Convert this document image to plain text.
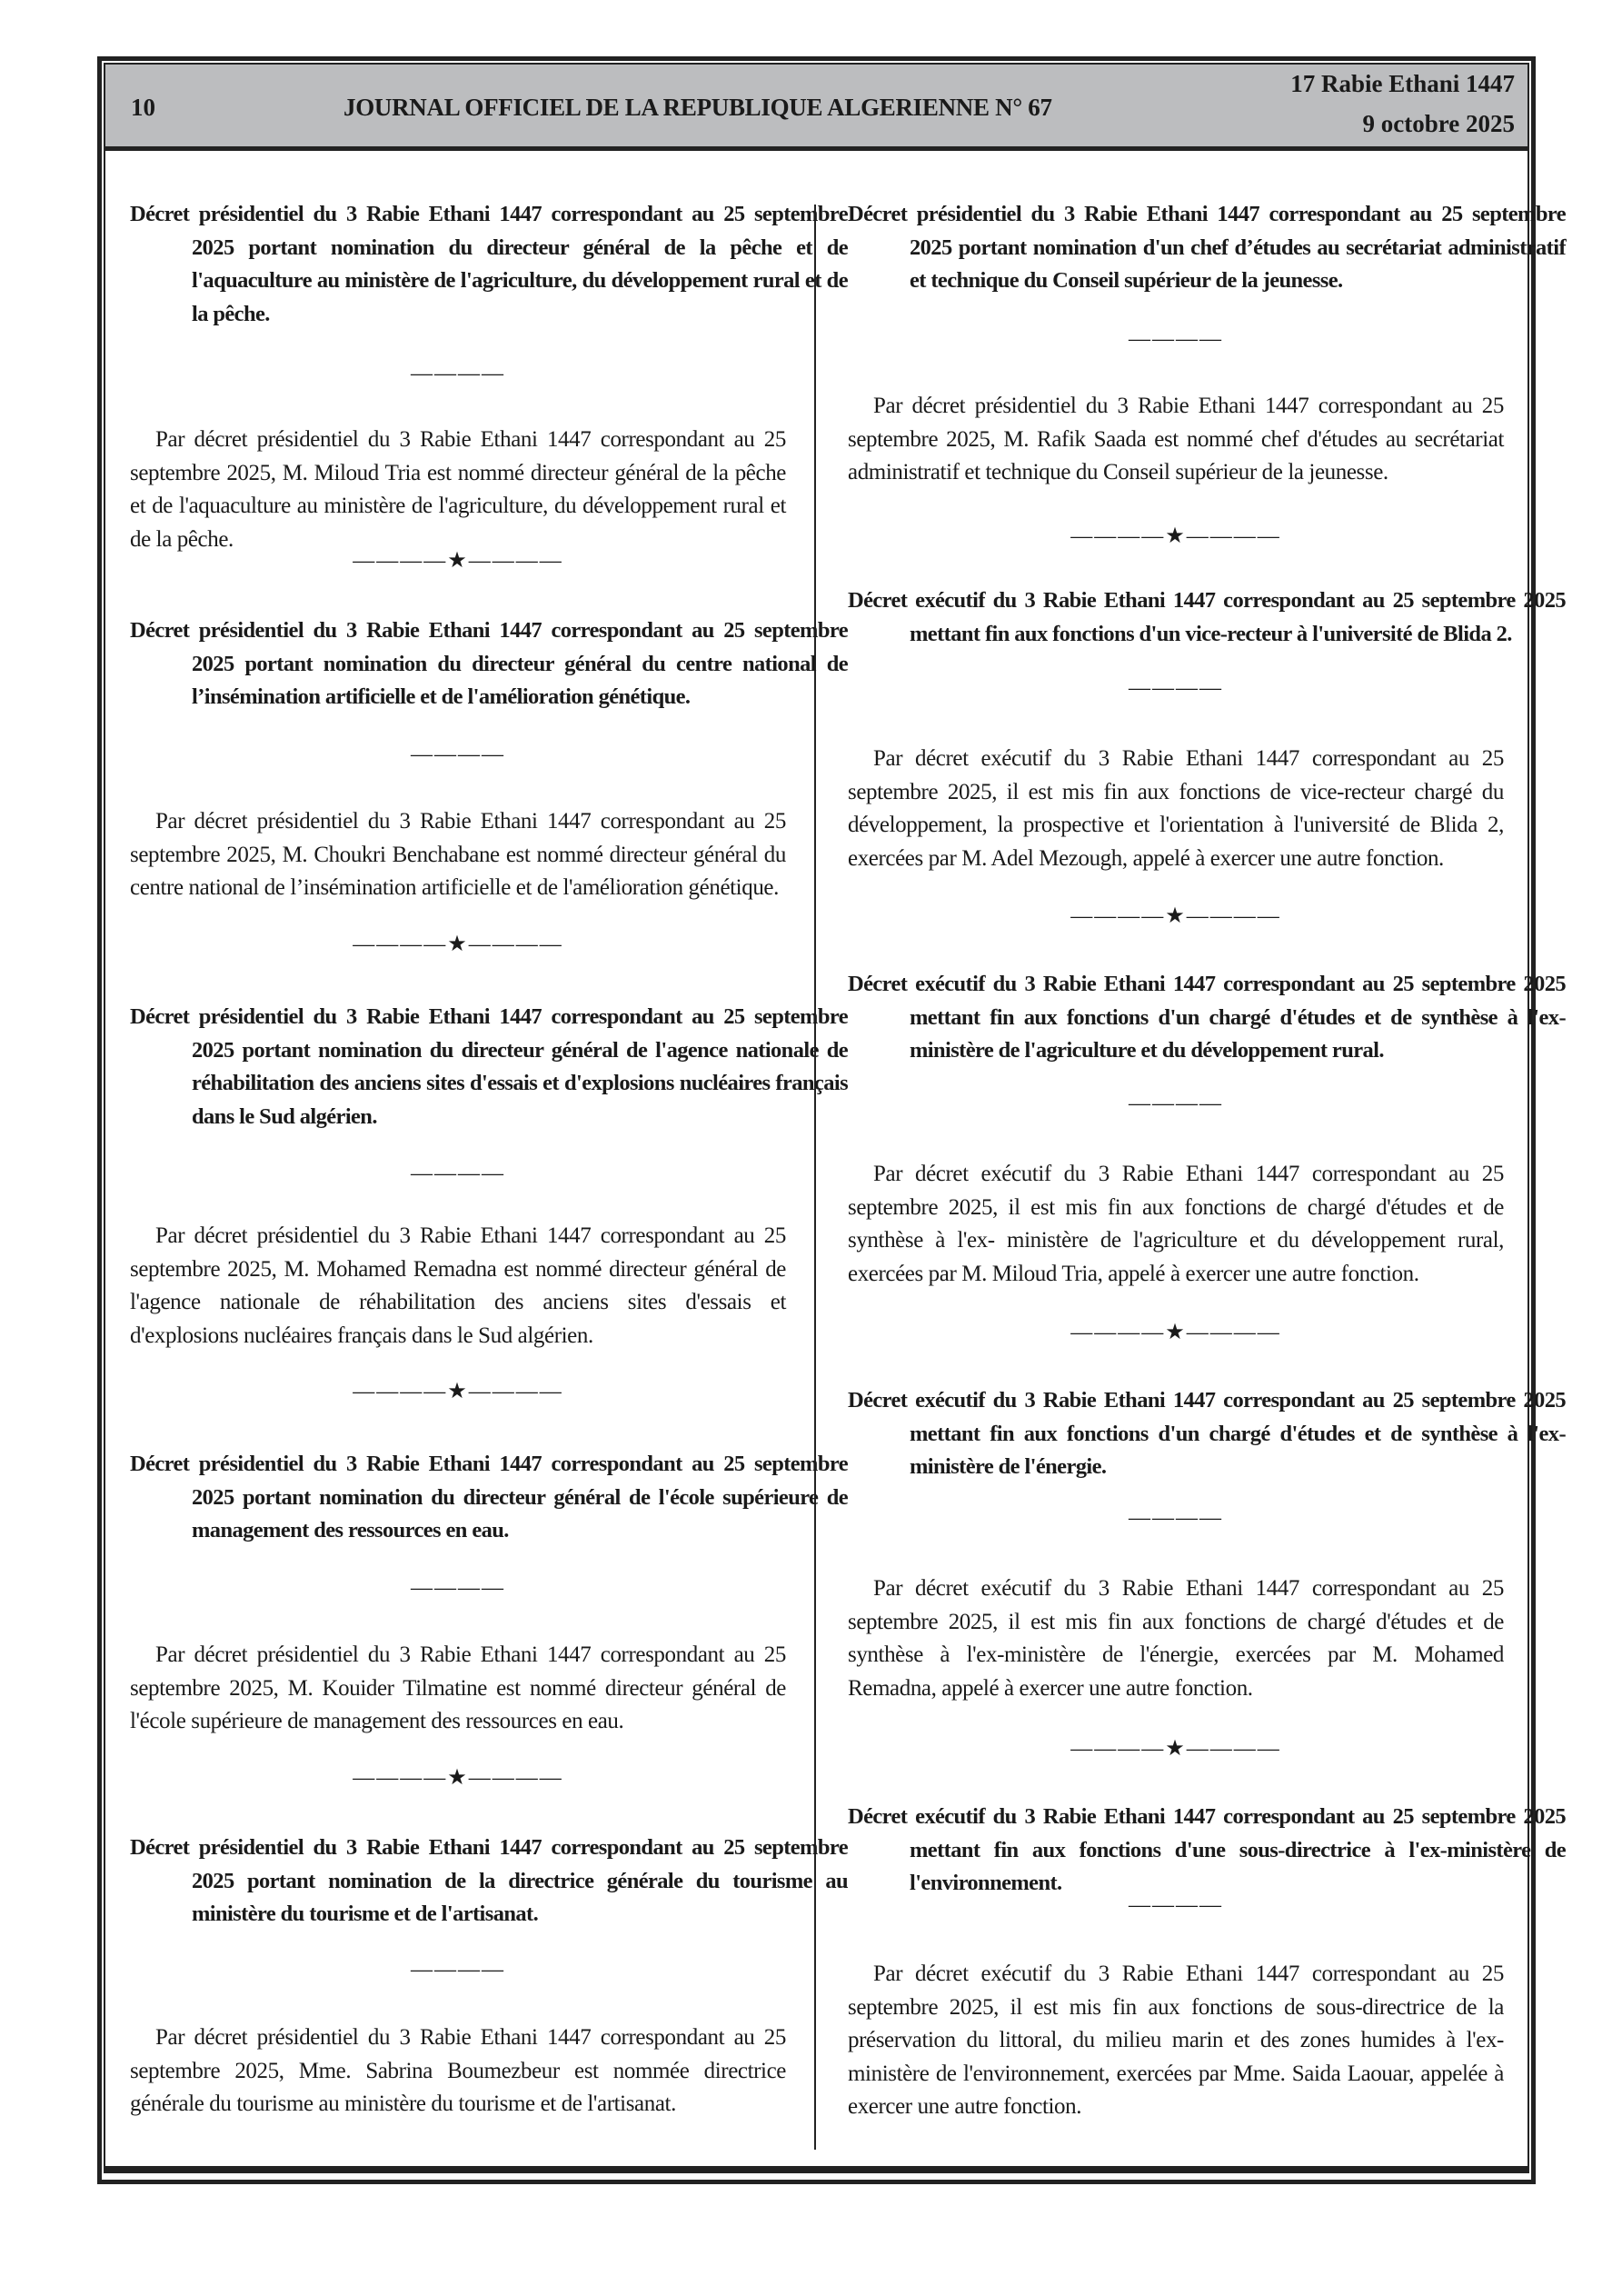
10	JOURNAL OFFICIEL DE LA REPUBLIQUE ALGERIENNE N° 67
17 Rabie Ethani 1447
9 octobre 2025
Décret présidentiel du 3 Rabie Ethani 1447 correspondant au 25 septembre 2025 portant nomination du directeur général de la pêche et de l'aquaculture au ministère de l'agriculture, du développement rural et de la pêche.
————
Par décret présidentiel du 3 Rabie Ethani 1447 correspondant au 25 septembre 2025, M. Miloud Tria est nommé directeur général de la pêche et de l'aquaculture au ministère de l'agriculture, du développement rural et de la pêche.
————★————
Décret présidentiel du 3 Rabie Ethani 1447 correspondant au 25 septembre 2025 portant nomination du directeur général du centre national de l’insémination artificielle et de l'amélioration génétique.
————
Par décret présidentiel du 3 Rabie Ethani 1447 correspondant au 25 septembre 2025, M. Choukri Benchabane est nommé directeur général du centre national de l’insémination artificielle et de l'amélioration génétique.
————★————
Décret présidentiel du 3 Rabie Ethani 1447 correspondant au 25 septembre 2025 portant nomination du directeur général de l'agence nationale de réhabilitation des anciens sites d'essais et d'explosions nucléaires français dans le Sud algérien.
————
Par décret présidentiel du 3 Rabie Ethani 1447 correspondant au 25 septembre 2025, M. Mohamed Remadna est nommé directeur général de l'agence nationale de réhabilitation des anciens sites d'essais et d'explosions nucléaires français dans le Sud algérien.
————★————
Décret présidentiel du 3 Rabie Ethani 1447 correspondant au 25 septembre 2025 portant nomination du directeur général de l'école supérieure de management des ressources en eau.
————
Par décret présidentiel du 3 Rabie Ethani 1447 correspondant au 25 septembre 2025, M. Kouider Tilmatine est nommé directeur général de l'école supérieure de management des ressources en eau.
————★————
Décret présidentiel du 3 Rabie Ethani 1447 correspondant au 25 septembre 2025 portant nomination de la directrice générale du tourisme au ministère du tourisme et de l'artisanat.
————
Par décret présidentiel du 3 Rabie Ethani 1447 correspondant au 25 septembre 2025, Mme. Sabrina Boumezbeur est nommée directrice générale du tourisme au ministère du tourisme et de l'artisanat.
Décret présidentiel du 3 Rabie Ethani 1447 correspondant au 25 septembre 2025 portant nomination d'un chef d’études au secrétariat administratif et technique du Conseil supérieur de la jeunesse.
————
Par décret présidentiel du 3 Rabie Ethani 1447 correspondant au 25 septembre 2025, M. Rafik Saada est nommé chef d'études au secrétariat administratif et technique du Conseil supérieur de la jeunesse.
————★————
Décret exécutif du 3 Rabie Ethani 1447 correspondant au 25 septembre 2025 mettant fin aux fonctions d'un vice-recteur à l'université de Blida 2.
————
Par décret exécutif du 3 Rabie Ethani 1447 correspondant au 25 septembre 2025, il est mis fin aux fonctions de vice-recteur chargé du développement, la prospective et l'orientation à l'université de Blida 2, exercées par M. Adel Mezough, appelé à exercer une autre fonction.
————★————
Décret exécutif du 3 Rabie Ethani 1447 correspondant au 25 septembre 2025 mettant fin aux fonctions d'un chargé d'études et de synthèse à l'ex-ministère de l'agriculture et du développement rural.
————
Par décret exécutif du 3 Rabie Ethani 1447 correspondant au 25 septembre 2025, il est mis fin aux fonctions de chargé d'études et de synthèse à l'ex- ministère de l'agriculture et du développement rural, exercées par M. Miloud Tria, appelé à exercer une autre fonction.
————★————
Décret exécutif du 3 Rabie Ethani 1447 correspondant au 25 septembre 2025 mettant fin aux fonctions d'un chargé d'études et de synthèse à l'ex-ministère de l'énergie.
————
Par décret exécutif du 3 Rabie Ethani 1447 correspondant au 25 septembre 2025, il est mis fin aux fonctions de chargé d'études et de synthèse à l'ex-ministère de l'énergie, exercées par M. Mohamed Remadna, appelé à exercer une autre fonction.
————★————
Décret exécutif du 3 Rabie Ethani 1447 correspondant au 25 septembre 2025 mettant fin aux fonctions d'une sous-directrice à l'ex-ministère de l'environnement.
————
Par décret exécutif du 3 Rabie Ethani 1447 correspondant au 25 septembre 2025, il est mis fin aux fonctions de sous-directrice de la préservation du littoral, du milieu marin et des zones humides à l'ex-ministère de l'environnement, exercées par Mme. Saida Laouar, appelée à exercer une autre fonction.
